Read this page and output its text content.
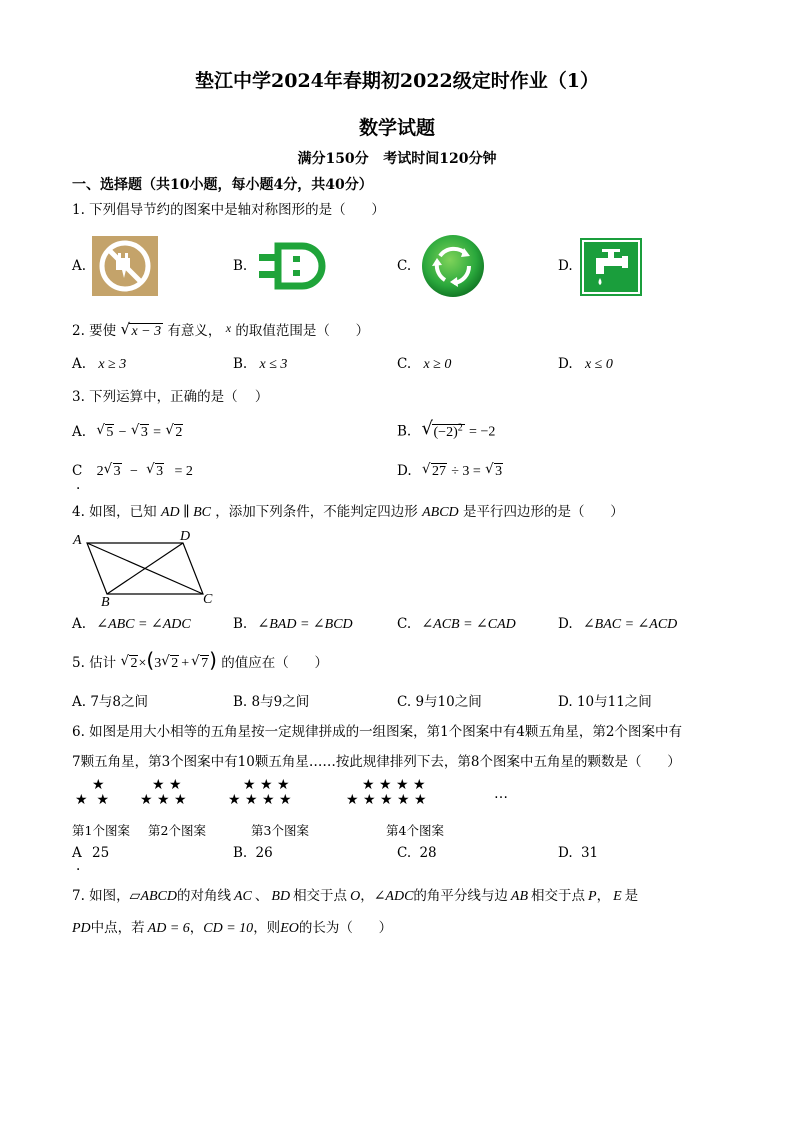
垫江中学2024年春期初2022级定时作业（1）
数学试题
满分150分   考试时间120分钟
一、选择题（共10小题，每小题4分，共40分）
1. 下列倡导节约的图案中是轴对称图形的是（      ）
A.	B.	C.	D.
2. 要使 √ x − 3 有意义， x 的取值范围是（      ）
A. x ≥ 3	B. x ≤ 3	C. x ≥ 0	D. x ≤ 0
3. 下列运算中，正确的是（    ）
A. √ 5 − √ 3 = √ 2	B. √ $(-2)^2 = -2$
C 2 √ 3 − √ 3 = 2
.
D. √ 27 ÷ 3 = √ 3
4. 如图，已知 AD ∥ BC ，添加下列条件，不能判定四边形 ABCD 是平行四边形的是（      ）
A	D
B	C
A. ∠ABC = ∠ADC	B. ∠BAD = ∠BCD	C. ∠ACB = ∠CAD	D. ∠BAC = ∠ACD
5. 估计 √ 2×(3 √ 2 + √ 7) 的值应在（      ）
A. 7与8之间	B. 8与9之间	C. 9与10之间	D. 10与11之间
6. 如图是用大小相等的五角星按一定规律拼成的一组图案，第1个图案中有4颗五角星，第2个图案中有
7颗五角星，第3个图案中有10颗五角星……按此规律排列下去，第8个图案中五角星的颗数是（      ）
★
★  ★
★ ★
★ ★ ★
★ ★ ★
★ ★ ★ ★
★ ★ ★ ★
★ ★ ★ ★ ★	…
第1个图案 第2个图案	第3个图案	第4个图案
A 25
.
B. 26	C. 28	D. 31
7. 如图，▱ABCD的对角线 AC 、 BD 相交于点 O，∠ADC的角平分线与边 AB 相交于点 P， E 是
PD中点，若 AD = 6，CD = 10，则EO的长为（      ）
